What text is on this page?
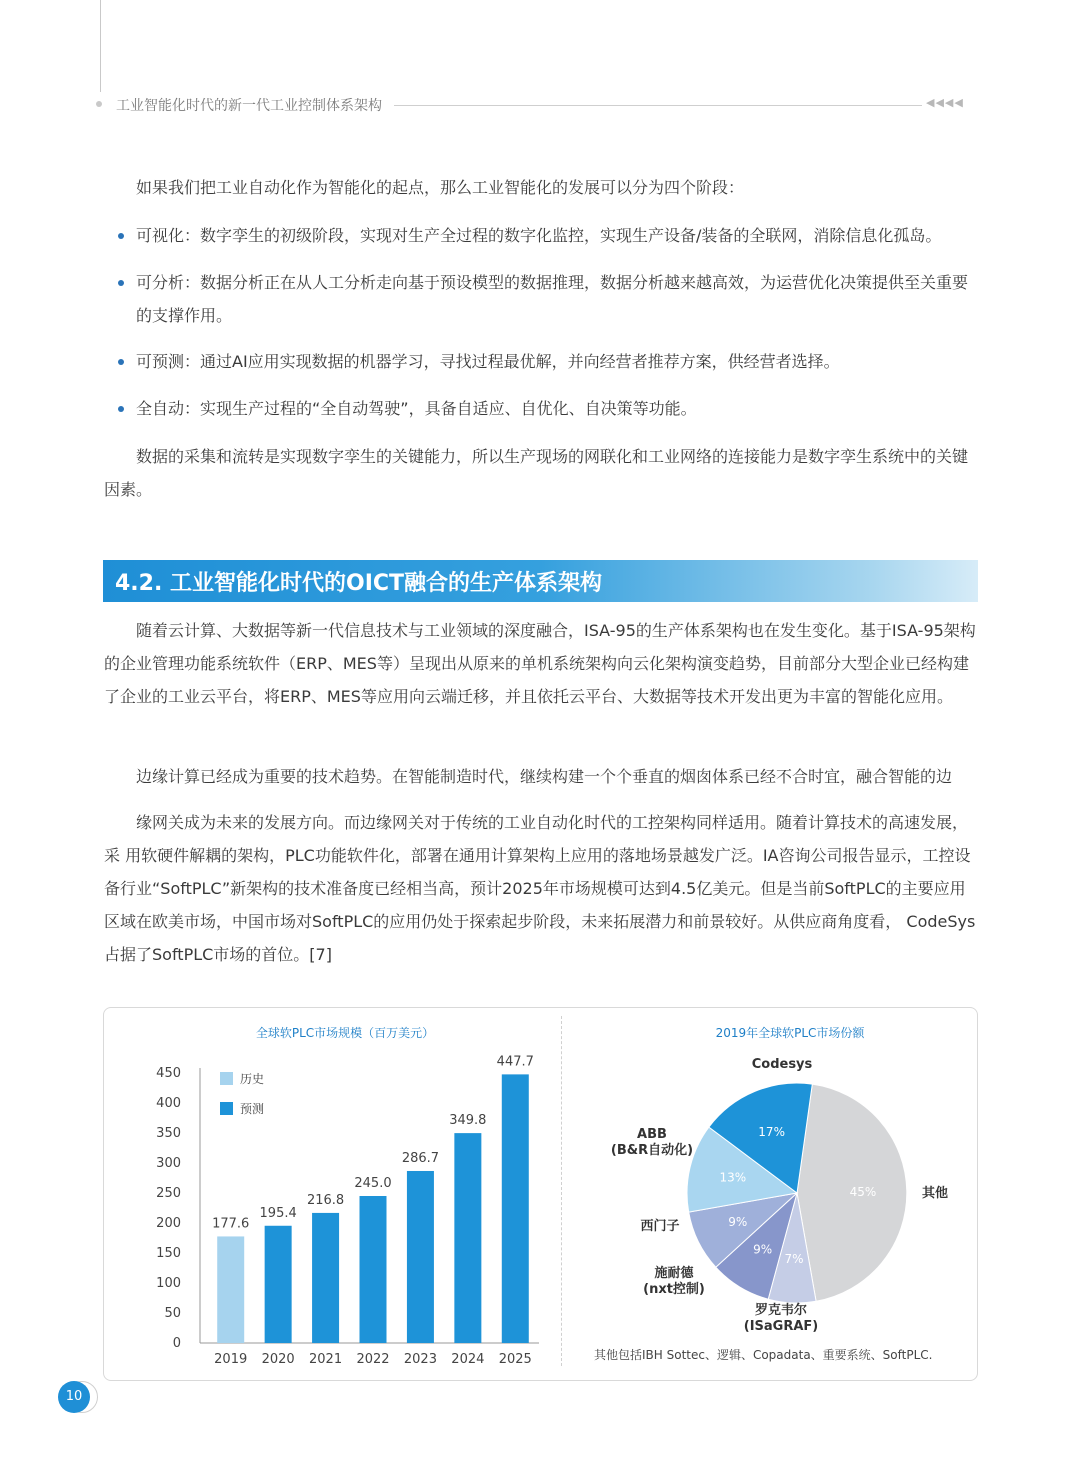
工业智能化时代的新一代工业控制体系架构	◀◀◀◀

如果我们把工业自动化作为智能化的起点，那么工业智能化的发展可以分为四个阶段：

可视化：数字孪生的初级阶段，实现对生产全过程的数字化监控，实现生产设备/装备的全联网，消除信息化孤岛。
可分析：数据分析正在从人工分析走向基于预设模型的数据推理，数据分析越来越高效，为运营优化决策提供至关重要的支撑作用。
可预测：通过AI应用实现数据的机器学习，寻找过程最优解，并向经营者推荐方案，供经营者选择。
全自动：实现生产过程的“全自动驾驶”，具备自适应、自优化、自决策等功能。

数据的采集和流转是实现数字孪生的关键能力，所以生产现场的网联化和工业网络的连接能力是数字孪生系统中的关键因素。

4.2. 工业智能化时代的OICT融合的生产体系架构

随着云计算、大数据等新一代信息技术与工业领域的深度融合，ISA-95的生产体系架构也在发生变化。基于ISA-95架构的企业管理功能系统软件（ERP、MES等）呈现出从原来的单机系统架构向云化架构演变趋势，目前部分大型企业已经构建了企业的工业云平台，将ERP、MES等应用向云端迁移，并且依托云平台、大数据等技术开发出更为丰富的智能化应用。

边缘计算已经成为重要的技术趋势。在智能制造时代，继续构建一个个垂直的烟囱体系已经不合时宜，融合智能的边

缘网关成为未来的发展方向。而边缘网关对于传统的工业自动化时代的工控架构同样适用。随着计算技术的高速发展，采 用软硬件解耦的架构，PLC功能软件化，部署在通用计算架构上应用的落地场景越发广泛。IA咨询公司报告显示，工控设 备行业“SoftPLC”新架构的技术准备度已经相当高，预计2025年市场规模可达到4.5亿美元。但是当前SoftPLC的主要应用区域在欧美市场，中国市场对SoftPLC的应用仍处于探索起步阶段，未来拓展潜力和前景较好。从供应商角度看， CodeSys占据了SoftPLC市场的首位。[7]

全球软PLC市场规模（百万美元）
0
50
100
150
200
250
300
350
400
450	历史
预测
177.6
2019
195.4
2020
216.8
2021
245.0
2022
286.7
2023
349.8
2024
447.7
2025
2019年全球软PLC市场份额
45%	其他
7%
罗克韦尔
(ISaGRAF)
9%
施耐德
(nxt控制)
9%
西门子
13%
ABB
(B&R自动化)
17%
Codesys
其他包括IBH Sottec、逻辑、Copadata、重要系统、SoftPLC.
10
